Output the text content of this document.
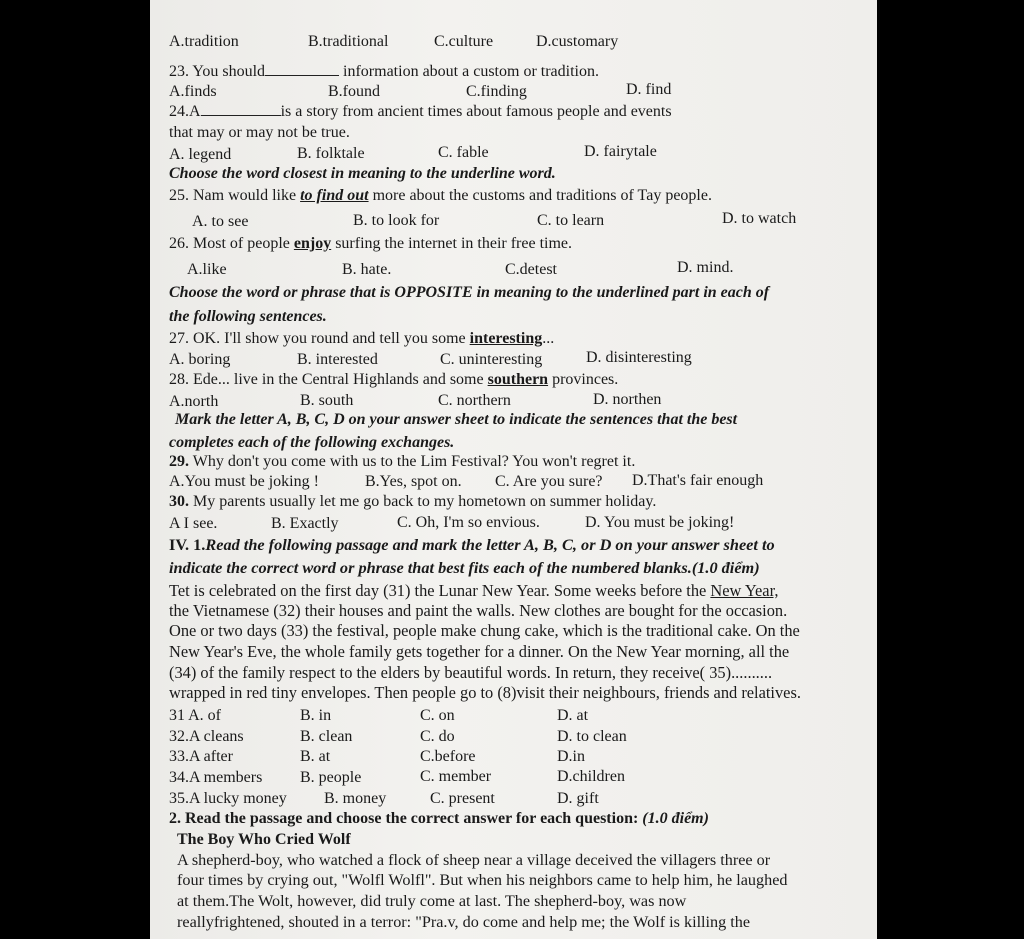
A.tradition	B.traditional	C.culture	D.customary
23. You should	information about a custom or tradition.
A.finds	B.found	C.finding	D. find
24.A	is a story from ancient times about famous people and events
that may or may not be true.
A. legend	B. folktale	C. fable	D. fairytale
Choose the word closest in meaning to the underline word.
25. Nam would like to find out more about the customs and traditions of Tay people.
A. to see	B. to look for	C. to learn	D. to watch
26. Most of people enjoy surfing the internet in their free time.
A.like	B. hate.	C.detest	D. mind.
Choose the word or phrase that is OPPOSITE in meaning to the underlined part in each of
the following sentences.
27. OK. I'll show you round and tell you some interesting...
A. boring	B. interested	C. uninteresting	D. disinteresting
28. Ede... live in the Central Highlands and some southern provinces.
A.north	B. south	C. northern	D. northen
Mark the letter A, B, C, D on your answer sheet to indicate the sentences that the best
completes each of the following exchanges.
29. Why don't you come with us to the Lim Festival? You won't regret it.
A.You must be joking !	B.Yes, spot on. C. Are you sure? D.That's fair enough
30. My parents usually let me go back to my hometown on summer holiday.
A I see.	B. Exactly	C. Oh, I'm so envious.	D. You must be joking!
IV. 1.Read the following passage and mark the letter A, B, C, or D on your answer sheet to
indicate the correct word or phrase that best fits each of the numbered blanks.(1.0 điểm)
Tet is celebrated on the first day (31) the Lunar New Year. Some weeks before the New Year,
the Vietnamese (32) their houses and paint the walls. New clothes are bought for the occasion.
One or two days (33) the festival, people make chung cake, which is the traditional cake. On the
New Year's Eve, the whole family gets together for a dinner. On the New Year morning, all the
(34) of the family respect to the elders by beautiful words. In return, they receive( 35)..........
wrapped in red tiny envelopes. Then people go to (8)visit their neighbours, friends and relatives.
31 A. of	B. in	C. on	D. at
32.A cleans	B. clean	C. do	D. to clean
33.A after	B. at	C.before	D.in
34.A members B. people	C. member	D.children
35.A lucky money B. money	C. present	D. gift
2. Read the passage and choose the correct answer for each question: (1.0 điểm)
The Boy Who Cried Wolf
A shepherd-boy, who watched a flock of sheep near a village deceived the villagers three or
four times by crying out, "Wolfl Wolfl". But when his neighbors came to help him, he laughed
at them.The Wolt, however, did truly come at last. The shepherd-boy, was now
reallyfrightened, shouted in a terror: "Pra.v, do come and help me; the Wolf is killing the
